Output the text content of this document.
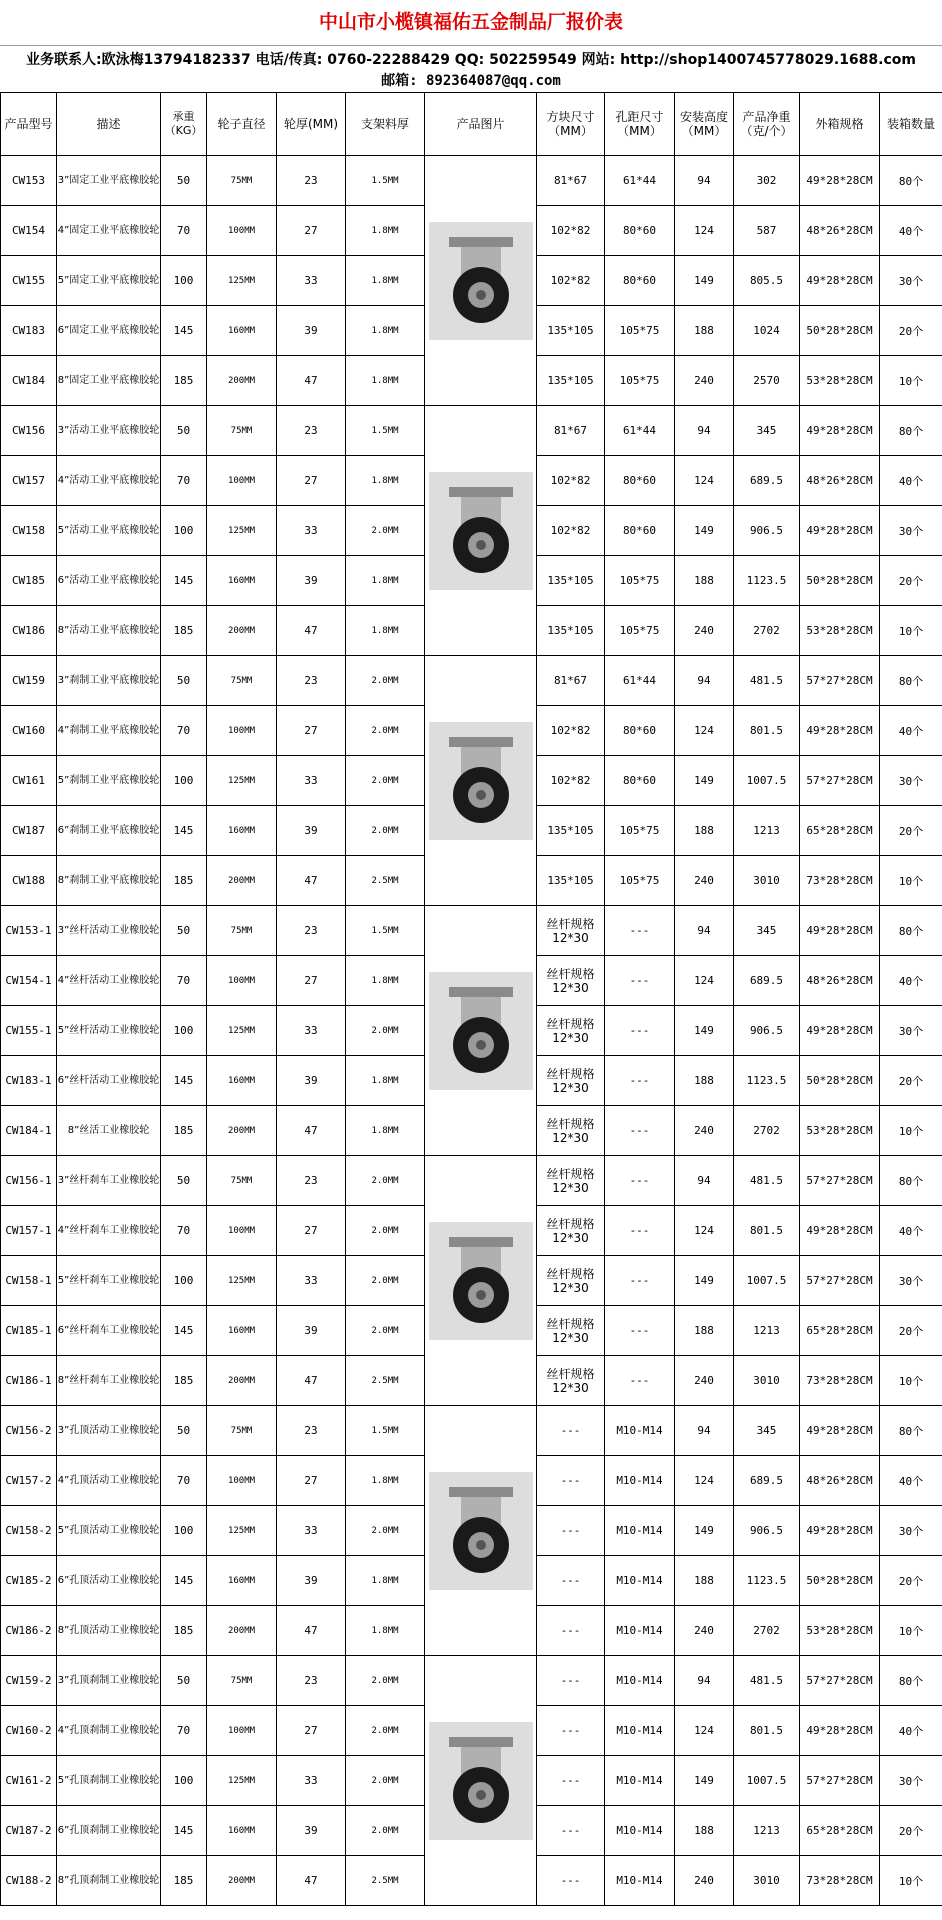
中山市小榄镇福佑五金制品厂报价表
业务联系人:欧泳梅13794182337 电话/传真: 0760-22288429 QQ: 502259549 网站: http://shop1400745778029.1688.com
邮箱: 892364087@qq.com
产品型号	描述	承重（KG）	轮子直径	轮厚(MM)	支架料厚	产品图片	方块尺寸（MM）	孔距尺寸（MM）	安装高度（MM）	产品净重（克/个）	外箱规格	装箱数量
CW153	3”固定工业平底橡胶轮	50	75MM	23	1.5MM		81*67	61*44	94	302	49*28*28CM	80个
CW154	4”固定工业平底橡胶轮	70	100MM	27	1.8MM		102*82	80*60	124	587	48*26*28CM	40个
CW155	5”固定工业平底橡胶轮	100	125MM	33	1.8MM		102*82	80*60	149	805.5	49*28*28CM	30个
CW183	6”固定工业平底橡胶轮	145	160MM	39	1.8MM		135*105	105*75	188	1024	50*28*28CM	20个
CW184	8”固定工业平底橡胶轮	185	200MM	47	1.8MM		135*105	105*75	240	2570	53*28*28CM	10个
CW156	3”活动工业平底橡胶轮	50	75MM	23	1.5MM		81*67	61*44	94	345	49*28*28CM	80个
CW157	4”活动工业平底橡胶轮	70	100MM	27	1.8MM		102*82	80*60	124	689.5	48*26*28CM	40个
CW158	5”活动工业平底橡胶轮	100	125MM	33	2.0MM		102*82	80*60	149	906.5	49*28*28CM	30个
CW185	6”活动工业平底橡胶轮	145	160MM	39	1.8MM		135*105	105*75	188	1123.5	50*28*28CM	20个
CW186	8”活动工业平底橡胶轮	185	200MM	47	1.8MM		135*105	105*75	240	2702	53*28*28CM	10个
CW159	3”刹制工业平底橡胶轮	50	75MM	23	2.0MM		81*67	61*44	94	481.5	57*27*28CM	80个
CW160	4”刹制工业平底橡胶轮	70	100MM	27	2.0MM		102*82	80*60	124	801.5	49*28*28CM	40个
CW161	5”刹制工业平底橡胶轮	100	125MM	33	2.0MM		102*82	80*60	149	1007.5	57*27*28CM	30个
CW187	6”刹制工业平底橡胶轮	145	160MM	39	2.0MM		135*105	105*75	188	1213	65*28*28CM	20个
CW188	8”刹制工业平底橡胶轮	185	200MM	47	2.5MM		135*105	105*75	240	3010	73*28*28CM	10个
CW153-1	3”丝杆活动工业橡胶轮	50	75MM	23	1.5MM		丝杆规格12*30	---	94	345	49*28*28CM	80个
CW154-1	4”丝杆活动工业橡胶轮	70	100MM	27	1.8MM		丝杆规格12*30	---	124	689.5	48*26*28CM	40个
CW155-1	5”丝杆活动工业橡胶轮	100	125MM	33	2.0MM		丝杆规格12*30	---	149	906.5	49*28*28CM	30个
CW183-1	6”丝杆活动工业橡胶轮	145	160MM	39	1.8MM		丝杆规格12*30	---	188	1123.5	50*28*28CM	20个
CW184-1	8”丝活工业橡胶轮	185	200MM	47	1.8MM		丝杆规格12*30	---	240	2702	53*28*28CM	10个
CW156-1	3”丝杆刹车工业橡胶轮	50	75MM	23	2.0MM		丝杆规格12*30	---	94	481.5	57*27*28CM	80个
CW157-1	4”丝杆刹车工业橡胶轮	70	100MM	27	2.0MM		丝杆规格12*30	---	124	801.5	49*28*28CM	40个
CW158-1	5”丝杆刹车工业橡胶轮	100	125MM	33	2.0MM		丝杆规格12*30	---	149	1007.5	57*27*28CM	30个
CW185-1	6”丝杆刹车工业橡胶轮	145	160MM	39	2.0MM		丝杆规格12*30	---	188	1213	65*28*28CM	20个
CW186-1	8”丝杆刹车工业橡胶轮	185	200MM	47	2.5MM		丝杆规格12*30	---	240	3010	73*28*28CM	10个
CW156-2	3”孔顶活动工业橡胶轮	50	75MM	23	1.5MM		---	M10-M14	94	345	49*28*28CM	80个
CW157-2	4”孔顶活动工业橡胶轮	70	100MM	27	1.8MM		---	M10-M14	124	689.5	48*26*28CM	40个
CW158-2	5”孔顶活动工业橡胶轮	100	125MM	33	2.0MM		---	M10-M14	149	906.5	49*28*28CM	30个
CW185-2	6”孔顶活动工业橡胶轮	145	160MM	39	1.8MM		---	M10-M14	188	1123.5	50*28*28CM	20个
CW186-2	8”孔顶活动工业橡胶轮	185	200MM	47	1.8MM		---	M10-M14	240	2702	53*28*28CM	10个
CW159-2	3”孔顶刹制工业橡胶轮	50	75MM	23	2.0MM		---	M10-M14	94	481.5	57*27*28CM	80个
CW160-2	4”孔顶刹制工业橡胶轮	70	100MM	27	2.0MM		---	M10-M14	124	801.5	49*28*28CM	40个
CW161-2	5”孔顶刹制工业橡胶轮	100	125MM	33	2.0MM		---	M10-M14	149	1007.5	57*27*28CM	30个
CW187-2	6”孔顶刹制工业橡胶轮	145	160MM	39	2.0MM		---	M10-M14	188	1213	65*28*28CM	20个
CW188-2	8”孔顶刹制工业橡胶轮	185	200MM	47	2.5MM		---	M10-M14	240	3010	73*28*28CM	10个
